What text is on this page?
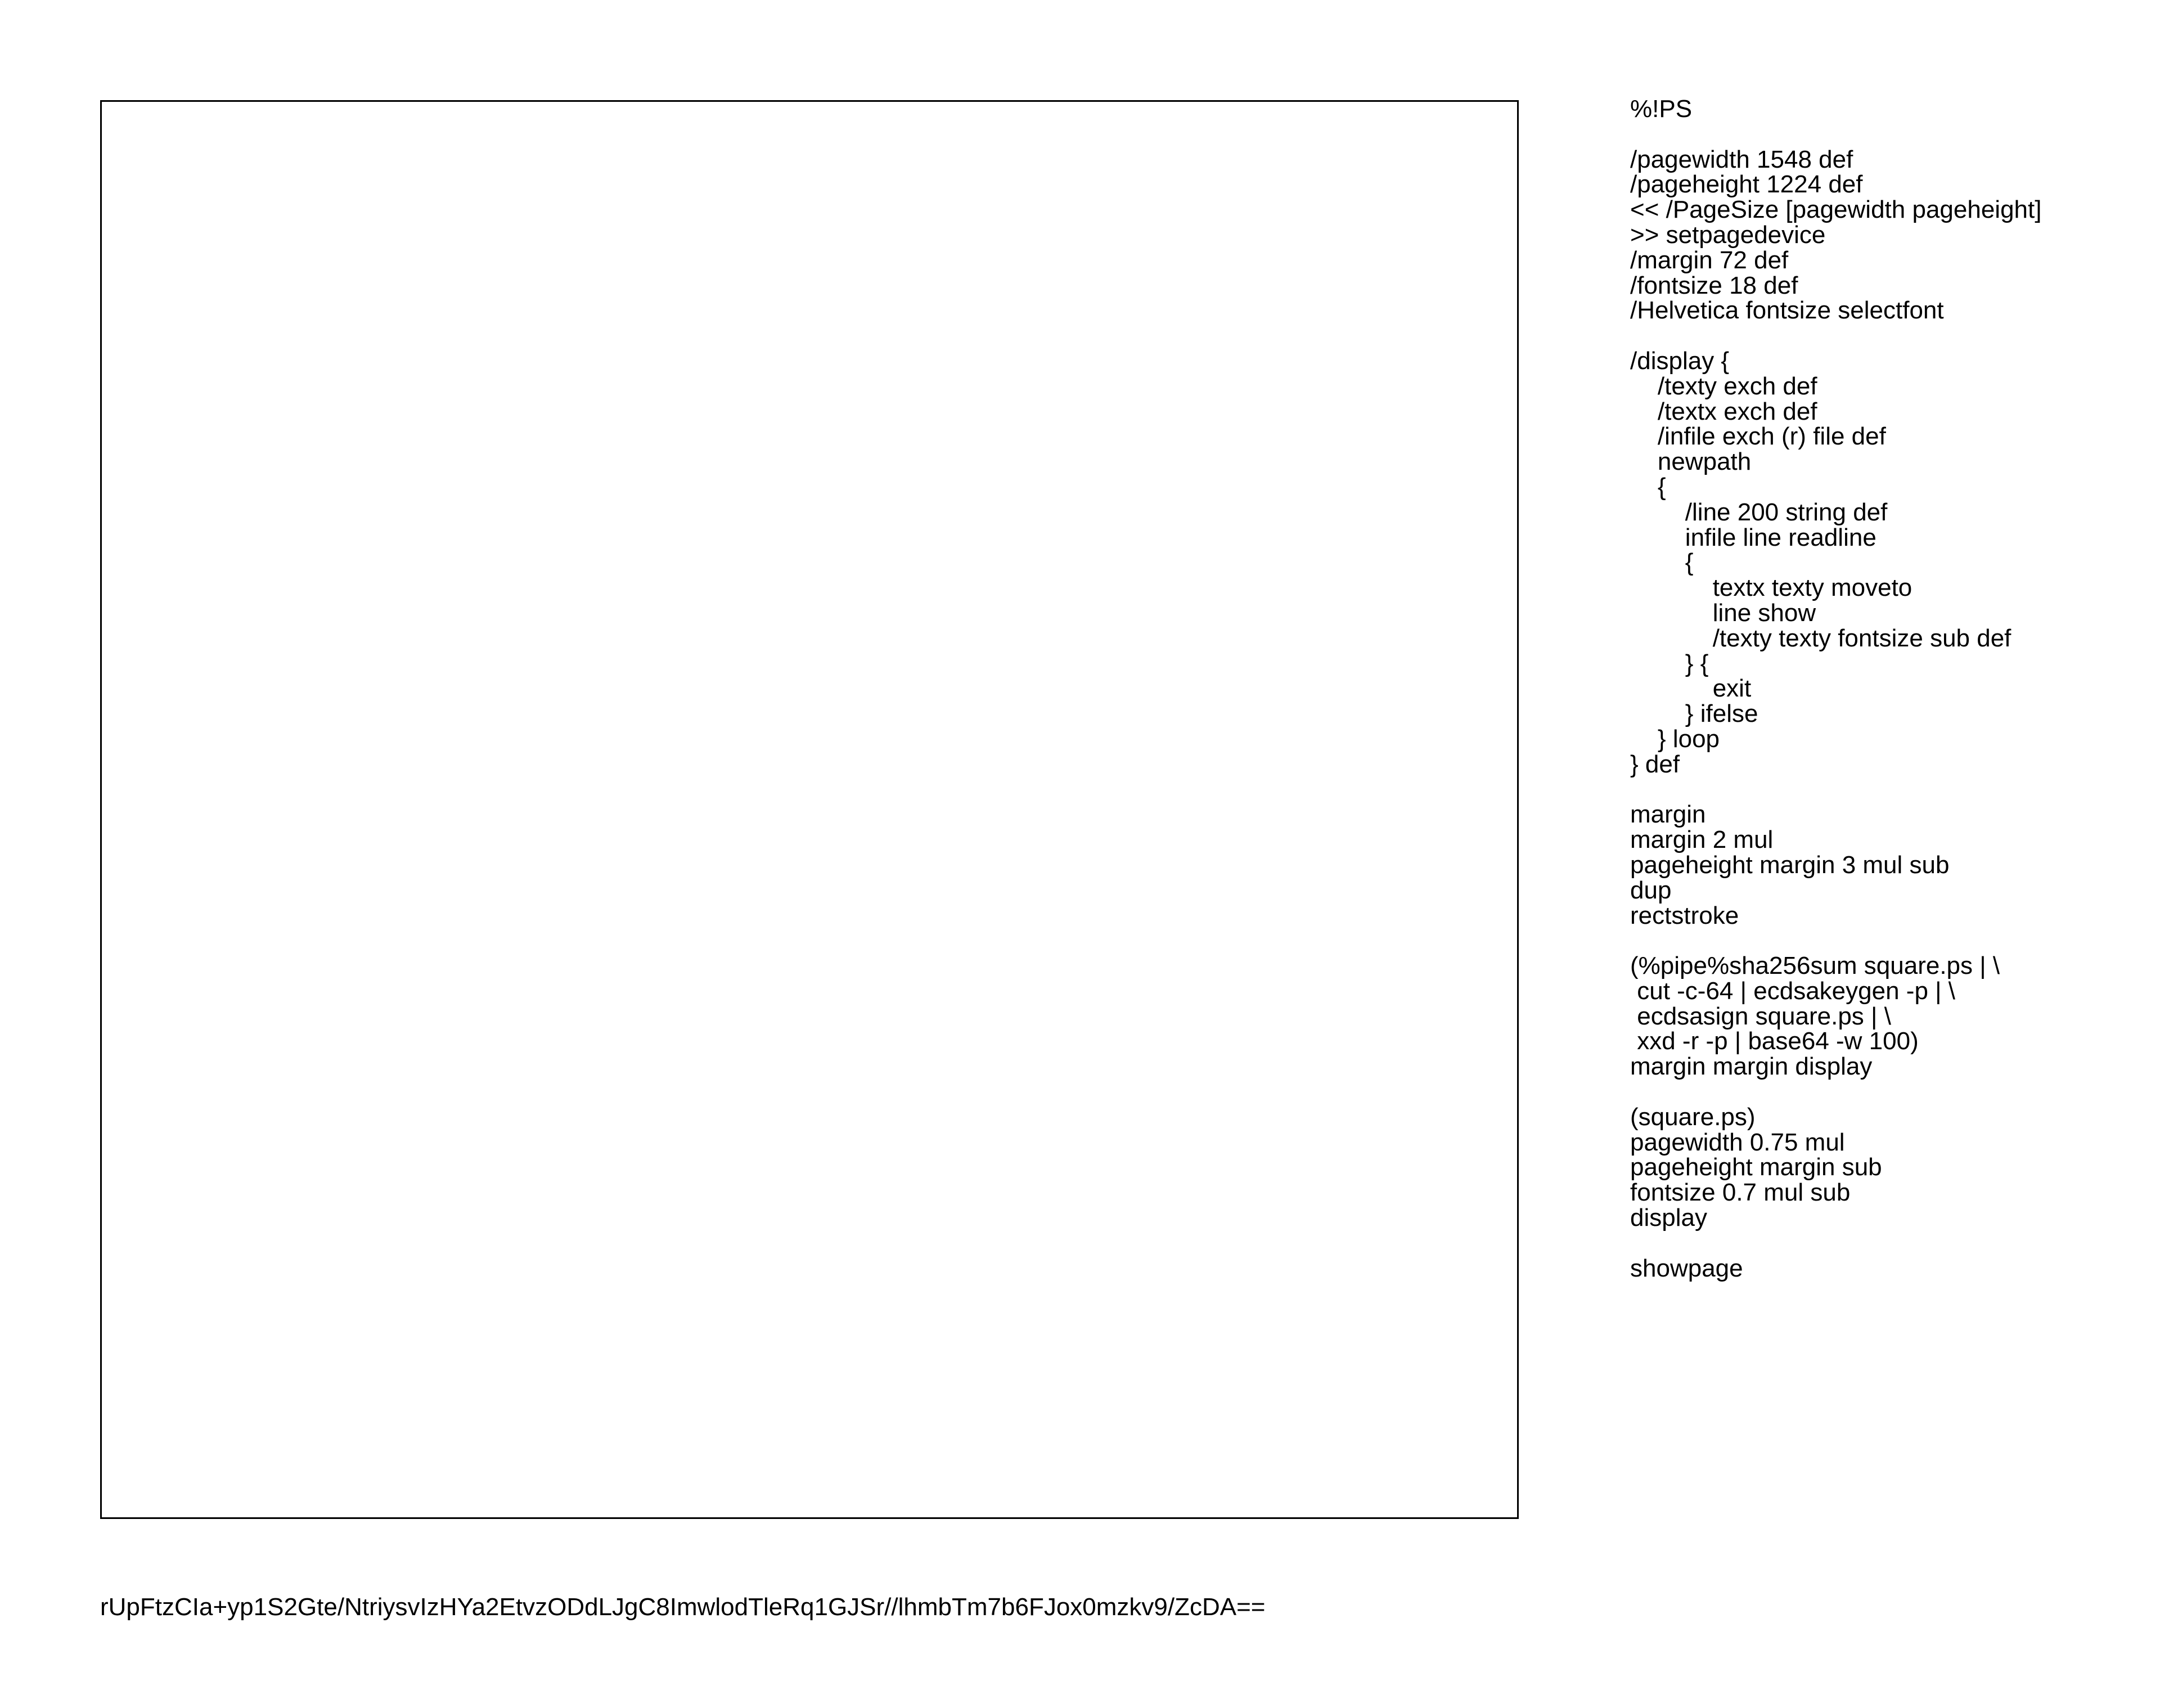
%!PS

/pagewidth 1548 def
/pageheight 1224 def
<< /PageSize [pagewidth pageheight]
>> setpagedevice
/margin 72 def
/fontsize 18 def
/Helvetica fontsize selectfont

/display {
/texty exch def
/textx exch def
/infile exch (r) file def
newpath
{
/line 200 string def
infile line readline
{
textx texty moveto
line show
/texty texty fontsize sub def
} {
exit
} ifelse
} loop
} def

margin
margin 2 mul
pageheight margin 3 mul sub
dup
rectstroke

(%pipe%sha256sum square.ps | \
cut -c-64 | ecdsakeygen -p | \
ecdsasign square.ps | \
xxd -r -p | base64 -w 100)
margin margin display

(square.ps)
pagewidth 0.75 mul
pageheight margin sub
fontsize 0.7 mul sub
display

showpage
rUpFtzCIa+yp1S2Gte/NtriysvIzHYa2EtvzODdLJgC8ImwlodTleRq1GJSr//lhmbTm7b6FJox0mzkv9/ZcDA==
